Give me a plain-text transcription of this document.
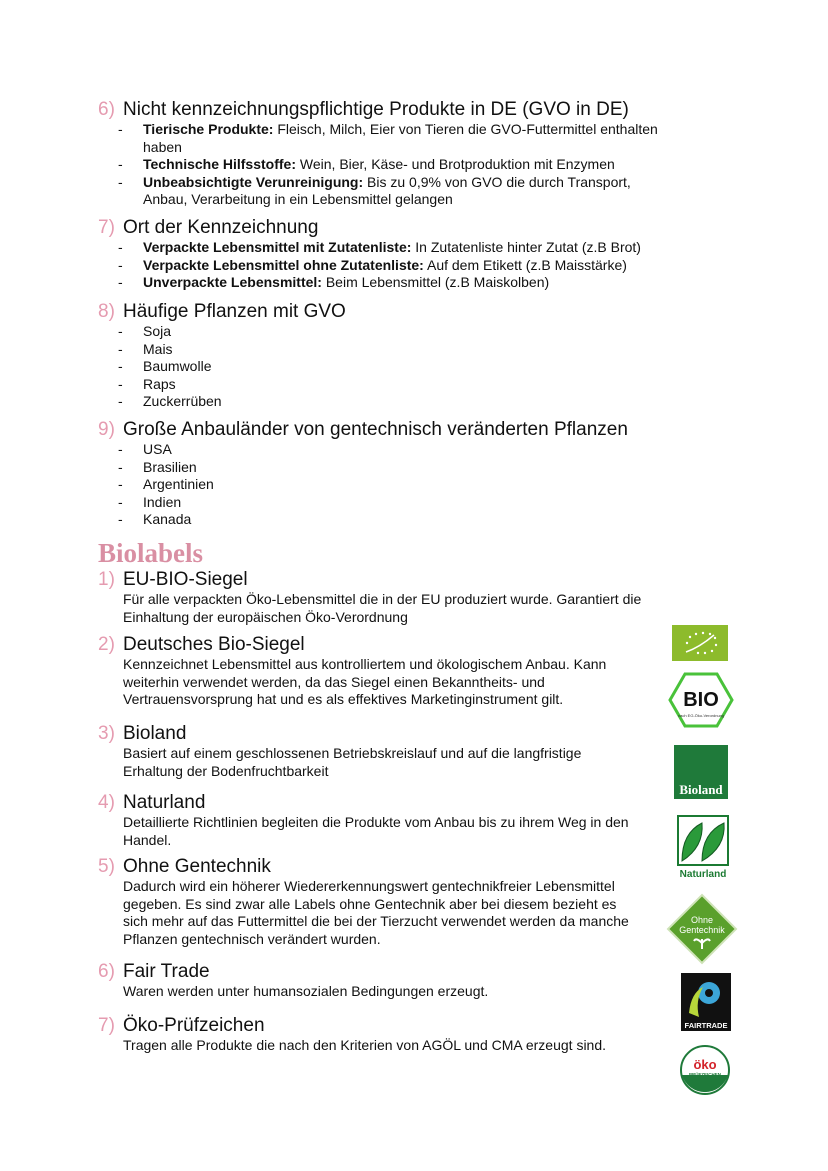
6) Nicht kennzeichnungspflichtige Produkte in DE (GVO in DE)
- Tierische Produkte: Fleisch, Milch, Eier von Tieren die GVO-Futtermittel enthalten haben
- Technische Hilfsstoffe: Wein, Bier, Käse- und Brotproduktion mit Enzymen
- Unbeabsichtigte Verunreinigung: Bis zu 0,9% von GVO die durch Transport, Anbau, Verarbeitung in ein Lebensmittel gelangen
7) Ort der Kennzeichnung
- Verpackte Lebensmittel mit Zutatenliste: In Zutatenliste hinter Zutat (z.B Brot)
- Verpackte Lebensmittel ohne Zutatenliste: Auf dem Etikett (z.B Maisstärke)
- Unverpackte Lebensmittel: Beim Lebensmittel (z.B Maiskolben)
8) Häufige Pflanzen mit GVO
- Soja
- Mais
- Baumwolle
- Raps
- Zuckerrüben
9) Große Anbauländer von gentechnisch veränderten Pflanzen
- USA
- Brasilien
- Argentinien
- Indien
- Kanada
Biolabels
1) EU-BIO-Siegel
Für alle verpackten Öko-Lebensmittel die in der EU produziert wurde. Garantiert die Einhaltung der europäischen Öko-Verordnung
2) Deutsches Bio-Siegel
Kennzeichnet Lebensmittel aus kontrolliertem und ökologischem Anbau. Kann weiterhin verwendet werden, da das Siegel einen Bekanntheits- und Vertrauensvorsprung hat und es als effektives Marketinginstrument gilt.
3) Bioland
Basiert auf einem geschlossenen Betriebskreislauf und auf die langfristige Erhaltung der Bodenfruchtbarkeit
4) Naturland
Detaillierte Richtlinien begleiten die Produkte vom Anbau bis zu ihrem Weg in den Handel.
5) Ohne Gentechnik
Dadurch wird ein höherer Wiedererkennungswert gentechnikfreier Lebensmittel gegeben. Es sind zwar alle Labels ohne Gentechnik aber bei diesem bezieht es sich mehr auf das Futtermittel die bei der Tierzucht verwendet werden da manche Pflanzen gentechnisch verändert wurden.
6) Fair Trade
Waren werden unter humansozialen Bedingungen erzeugt.
7) Öko-Prüfzeichen
Tragen alle Produkte die nach den Kriterien von AGÖL und CMA erzeugt sind.
BIO
nach EG-Öko-Verordnung
Bioland
Naturland
Ohne
Gentechnik
FAIRTRADE
öko
PRÜFZEICHEN
